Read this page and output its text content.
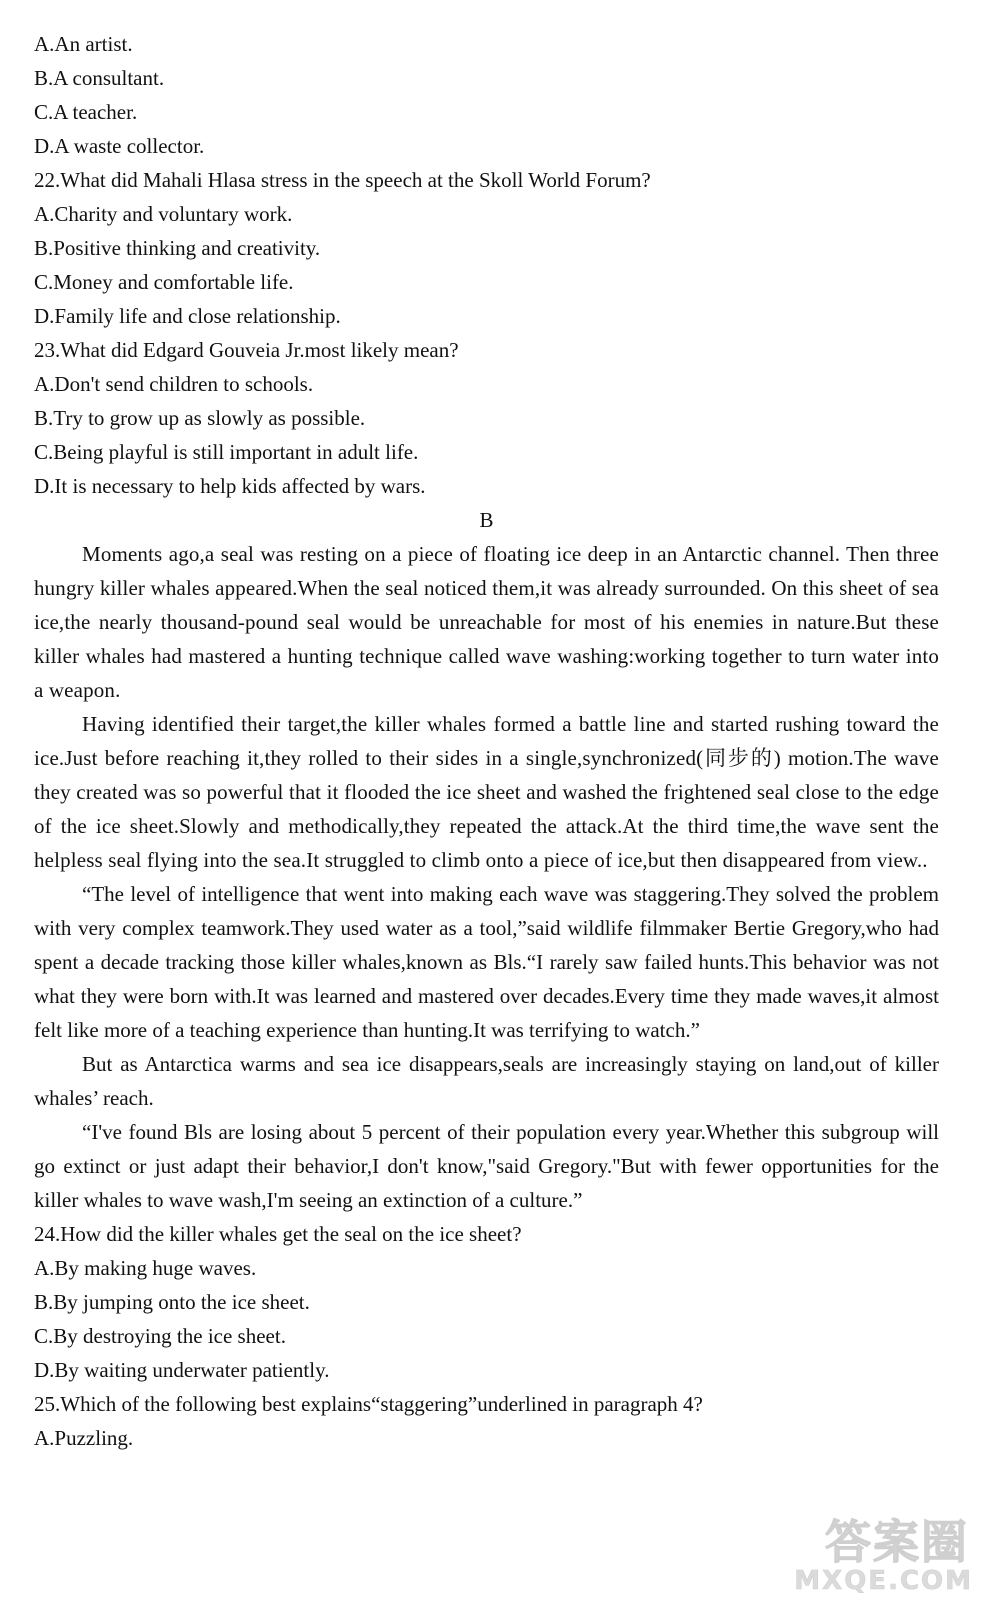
A.An artist.

B.A consultant.

C.A teacher.

D.A waste collector.

22.What did Mahali Hlasa stress in the speech at the Skoll World Forum?

A.Charity and voluntary work.

B.Positive thinking and creativity.

C.Money and comfortable life.

D.Family life and close relationship.

23.What did Edgard Gouveia Jr.most likely mean?

A.Don't send children to schools.

B.Try to grow up as slowly as possible.

C.Being playful is still important in adult life.

D.It is necessary to help kids affected by wars.

B

Moments ago,a seal was resting on a piece of floating ice deep in an Antarctic channel. Then three hungry killer whales appeared.When the seal noticed them,it was already surrounded. On this sheet of sea ice,the nearly thousand-pound seal would be unreachable for most of his enemies in nature.But these killer whales had mastered a hunting technique called wave washing:working together to turn water into a weapon.

Having identified their target,the killer whales formed a battle line and started rushing toward the ice.Just before reaching it,they rolled to their sides in a single,synchronized(同步的) motion.The wave they created was so powerful that it flooded the ice sheet and washed the frightened seal close to the edge of the ice sheet.Slowly and methodically,they repeated the attack.At the third time,the wave sent the helpless seal flying into the sea.It struggled to climb onto a piece of ice,but then disappeared from view..

“The level of intelligence that went into making each wave was staggering.They solved the problem with very complex teamwork.They used water as a tool,”said wildlife filmmaker Bertie Gregory,who had spent a decade tracking those killer whales,known as Bls.“I rarely saw failed hunts.This behavior was not what they were born with.It was learned and mastered over decades.Every time they made waves,it almost felt like more of a teaching experience than hunting.It was terrifying to watch.”

But as Antarctica warms and sea ice disappears,seals are increasingly staying on land,out of killer whales’ reach.

“I've found Bls are losing about 5 percent of their population every year.Whether this subgroup will go extinct or just adapt their behavior,I don't know,"said Gregory."But with fewer opportunities for the killer whales to wave wash,I'm seeing an extinction of a culture.”

24.How did the killer whales get the seal on the ice sheet?

A.By making huge waves.

B.By jumping onto the ice sheet.

C.By destroying the ice sheet.

D.By waiting underwater patiently.

25.Which of the following best explains“staggering”underlined in paragraph 4?

A.Puzzling.

答案圈
MXQE.COM
